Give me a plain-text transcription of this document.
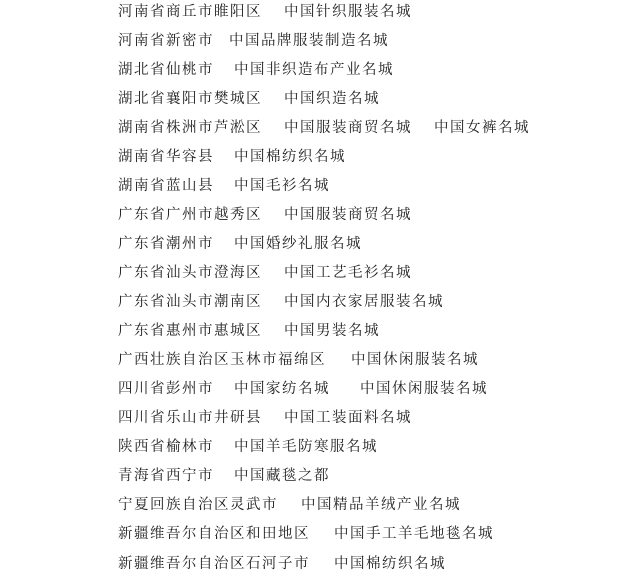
河南省商丘市睢阳区 中国针织服装名城
河南省新密市 中国品牌服装制造名城
湖北省仙桃市 中国非织造布产业名城
湖北省襄阳市樊城区 中国织造名城
湖南省株洲市芦淞区 中国服装商贸名城 中国女裤名城
湖南省华容县 中国棉纺织名城
湖南省蓝山县 中国毛衫名城
广东省广州市越秀区 中国服装商贸名城
广东省潮州市 中国婚纱礼服名城
广东省汕头市澄海区 中国工艺毛衫名城
广东省汕头市潮南区 中国内衣家居服装名城
广东省惠州市惠城区 中国男装名城
广西壮族自治区玉林市福绵区 中国休闲服装名城
四川省彭州市 中国家纺名城 中国休闲服装名城
四川省乐山市井研县 中国工装面料名城
陕西省榆林市 中国羊毛防寒服名城
青海省西宁市 中国藏毯之都
宁夏回族自治区灵武市 中国精品羊绒产业名城
新疆维吾尔自治区和田地区 中国手工羊毛地毯名城
新疆维吾尔自治区石河子市 中国棉纺织名城
